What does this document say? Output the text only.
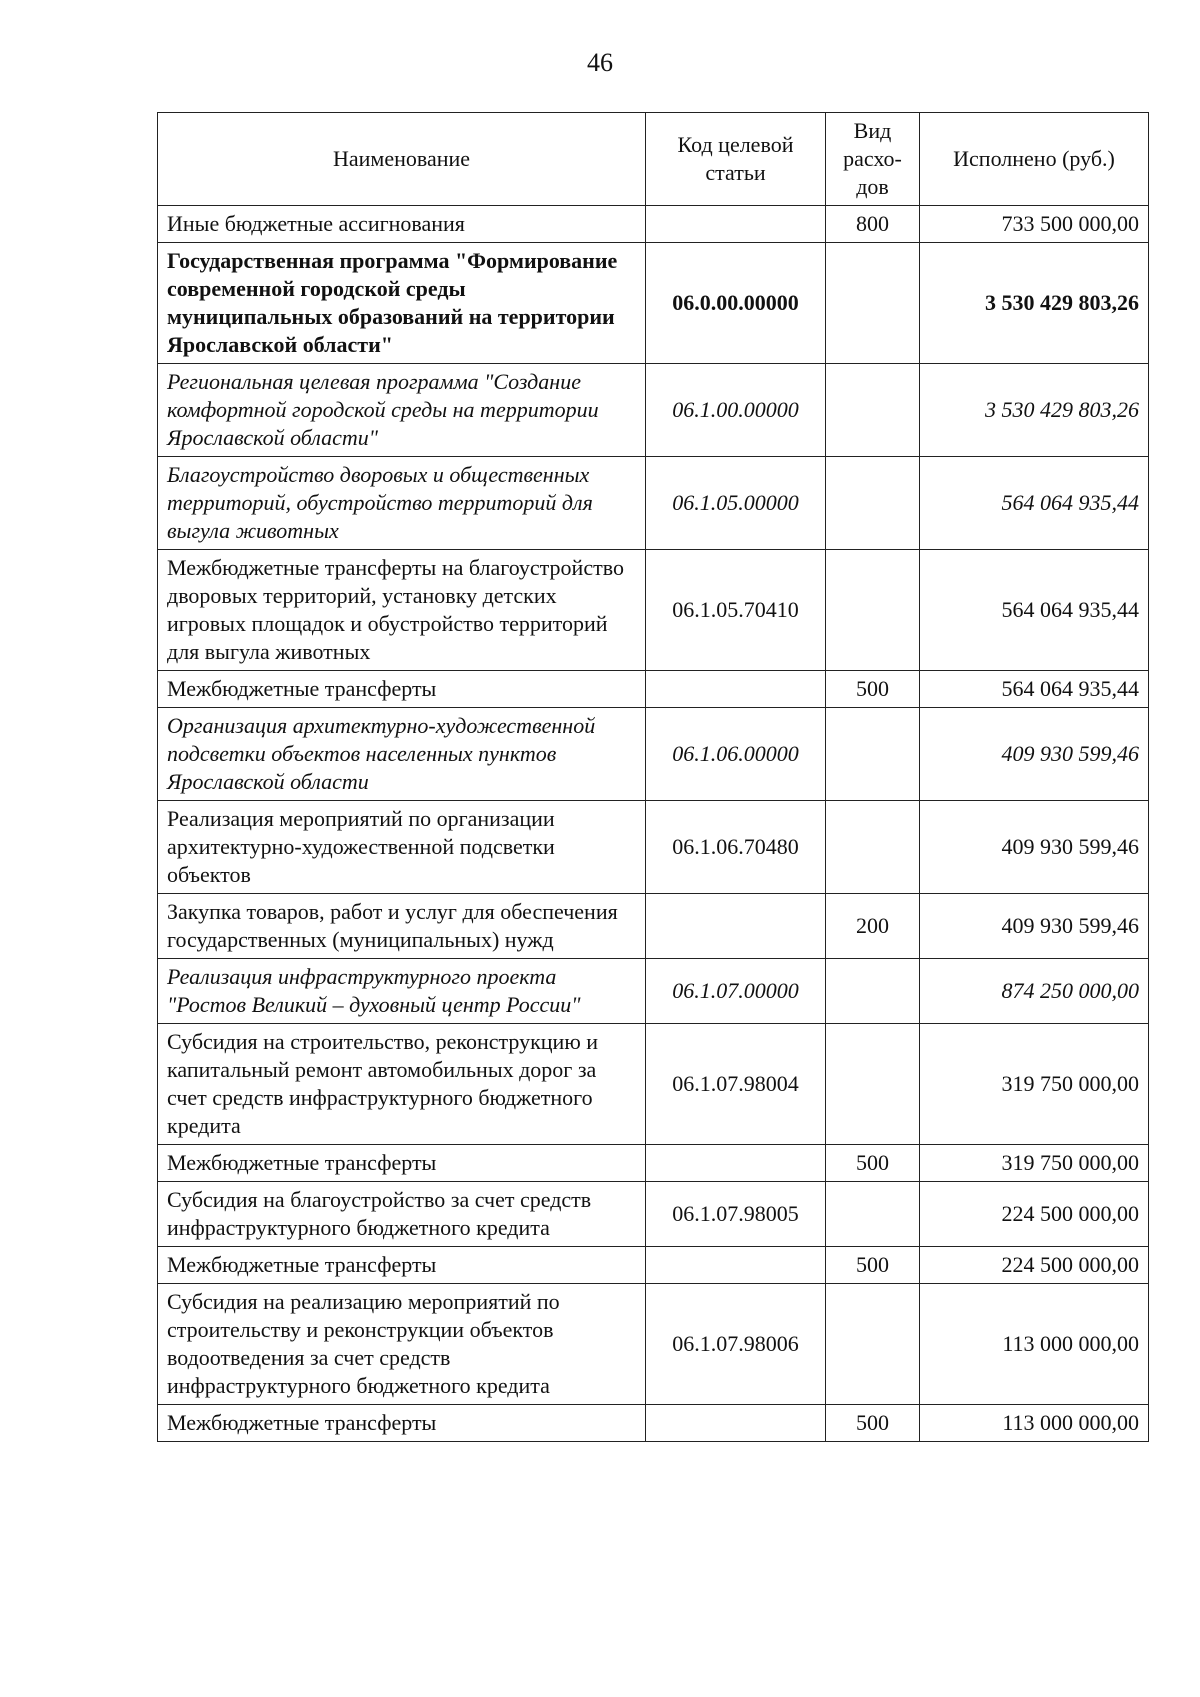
46
Наименование	Код целевой статьи	Вид расхо-дов	Исполнено (руб.)
Иные бюджетные ассигнования		800	733 500 000,00
Государственная программа "Формирование современной городской среды муниципальных образований на территории Ярославской области"	06.0.00.00000		3 530 429 803,26
Региональная целевая программа "Создание комфортной городской среды на территории Ярославской области"	06.1.00.00000		3 530 429 803,26
Благоустройство дворовых и общественных территорий, обустройство территорий для выгула животных	06.1.05.00000		564 064 935,44
Межбюджетные трансферты на благоустройство дворовых территорий, установку детских игровых площадок и обустройство территорий для выгула животных	06.1.05.70410		564 064 935,44
Межбюджетные трансферты		500	564 064 935,44
Организация архитектурно-художественной подсветки объектов населенных пунктов Ярославской области	06.1.06.00000		409 930 599,46
Реализация мероприятий по организации архитектурно-художественной подсветки объектов	06.1.06.70480		409 930 599,46
Закупка товаров, работ и услуг для обеспечения государственных (муниципальных) нужд		200	409 930 599,46
Реализация инфраструктурного проекта "Ростов Великий – духовный центр России"	06.1.07.00000		874 250 000,00
Субсидия на строительство, реконструкцию и капитальный ремонт автомобильных дорог за счет средств инфраструктурного бюджетного кредита	06.1.07.98004		319 750 000,00
Межбюджетные трансферты		500	319 750 000,00
Субсидия на благоустройство за счет средств инфраструктурного бюджетного кредита	06.1.07.98005		224 500 000,00
Межбюджетные трансферты		500	224 500 000,00
Субсидия на реализацию мероприятий по строительству и реконструкции объектов водоотведения за счет средств инфраструктурного бюджетного кредита	06.1.07.98006		113 000 000,00
Межбюджетные трансферты		500	113 000 000,00
